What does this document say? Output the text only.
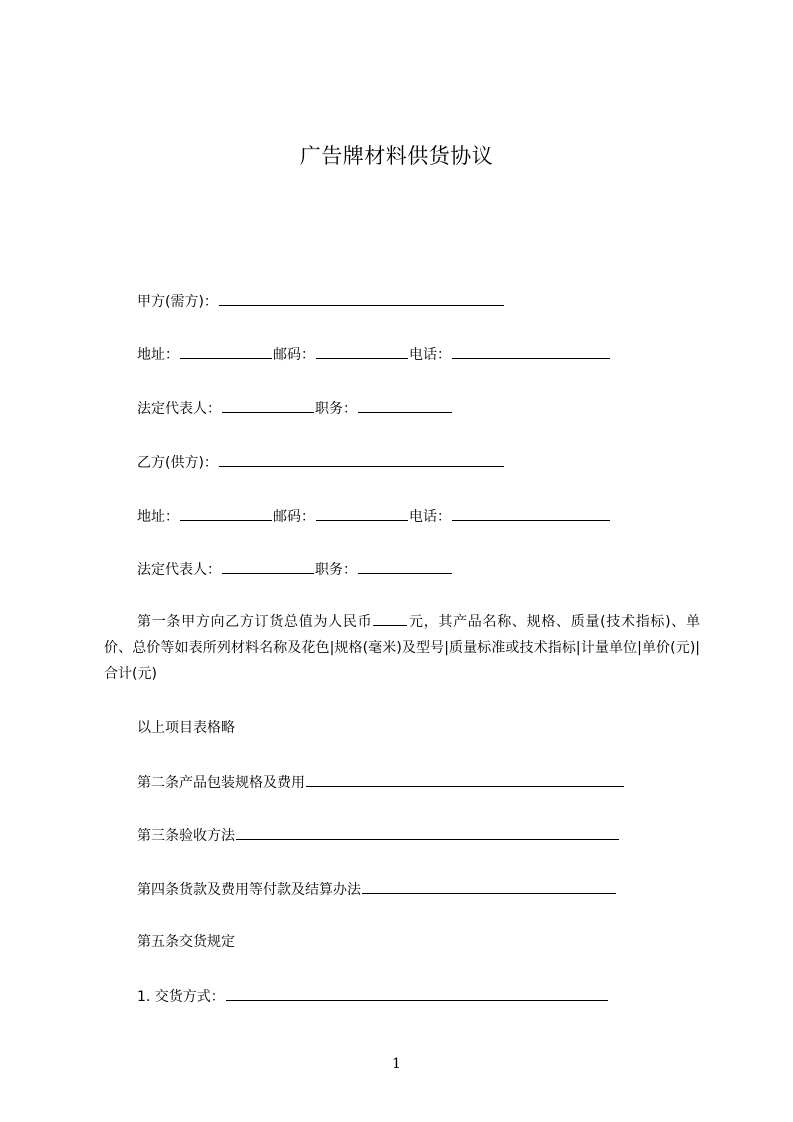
广告牌材料供货协议
甲方(需方)：
地址：	邮码：	电话：
法定代表人：	职务：
乙方(供方)：
地址：	邮码：	电话：
法定代表人：	职务：
第一条甲方向乙方订货总值为人民币	元，其产品名称、规格、质量(技术指标)、单价、总价等如表所列材料名称及花色|规格(毫米)及型号|质量标准或技术指标|计量单位|单价(元)|合计(元)
以上项目表格略
第二条产品包装规格及费用
第三条验收方法
第四条货款及费用等付款及结算办法
第五条交货规定
1. 交货方式：
1
